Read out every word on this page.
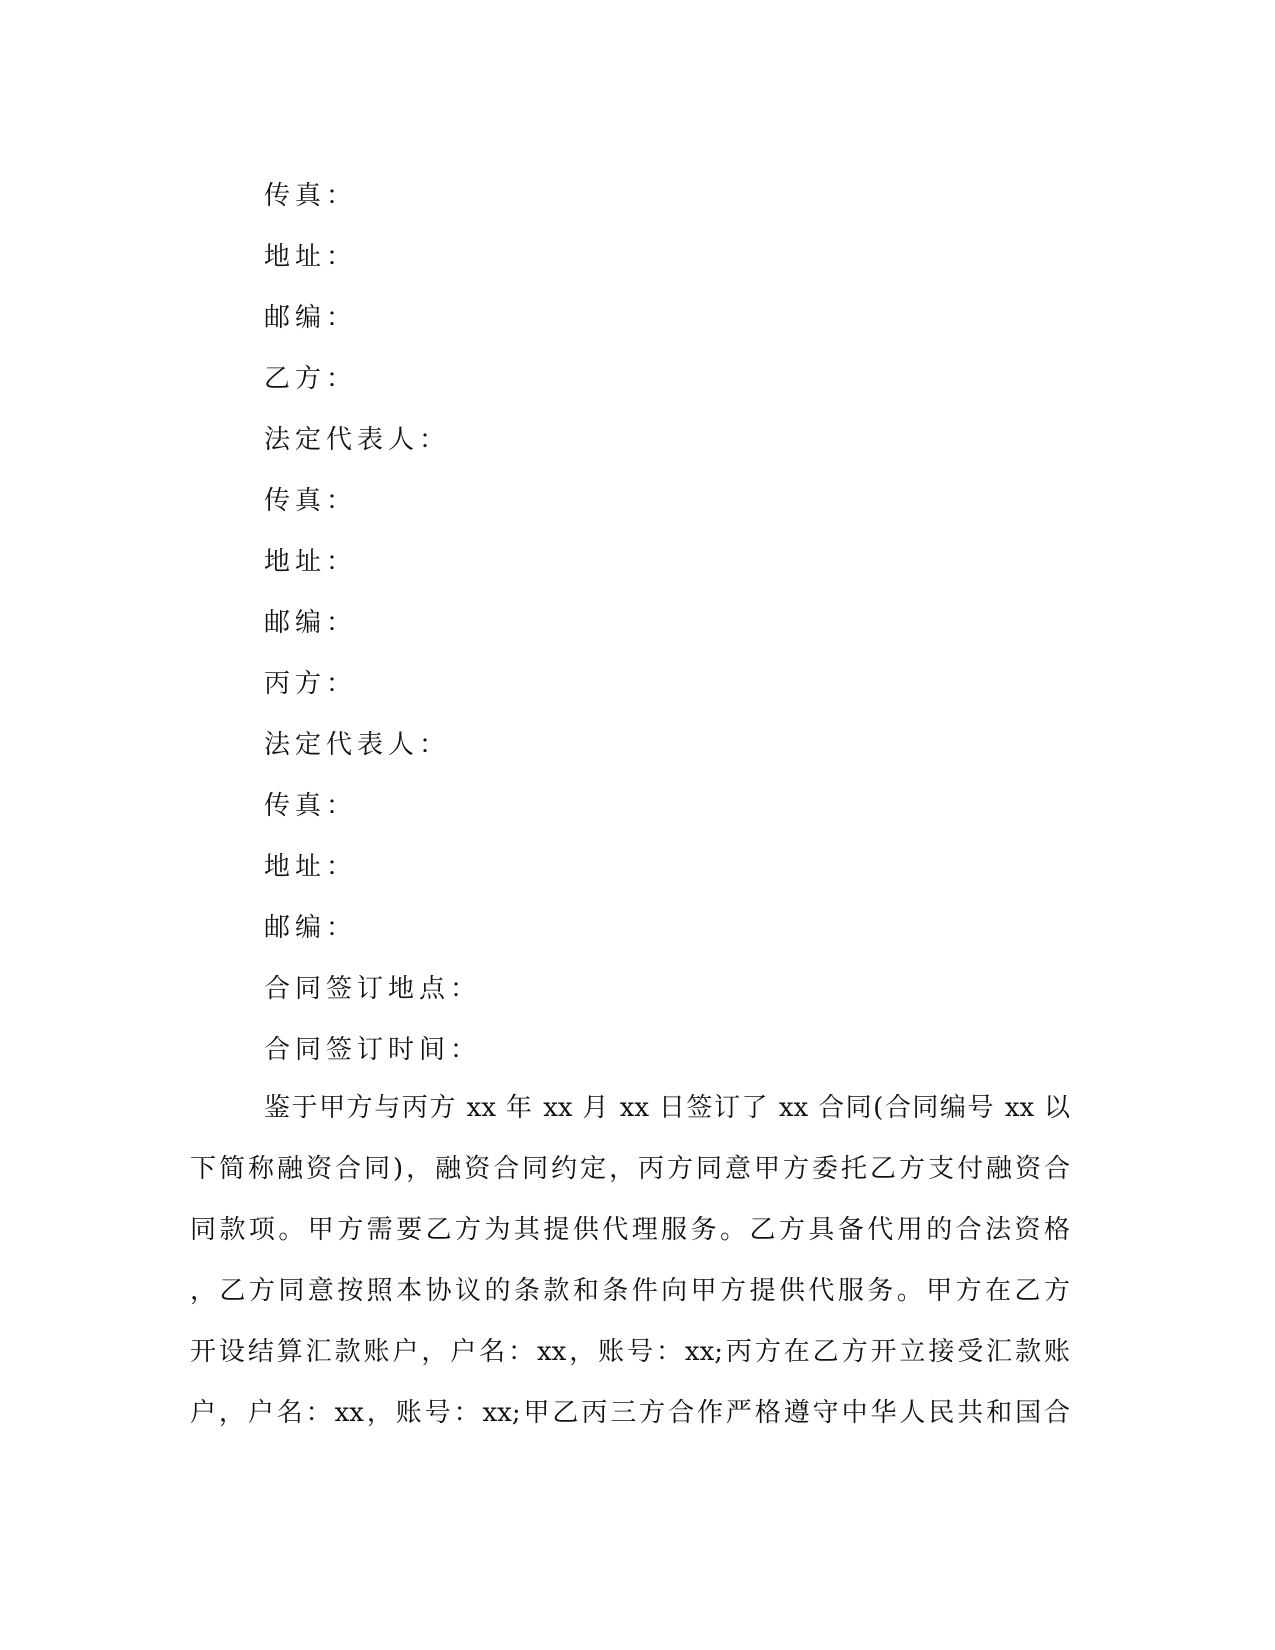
传真：
地址：
邮编：
乙方：
法定代表人：
传真：
地址：
邮编：
丙方：
法定代表人：
传真：
地址：
邮编：
合同签订地点：
合同签订时间：
鉴于甲方与丙方 xx 年 xx 月 xx 日签订了 xx 合同(合同编号 xx 以
下简称融资合同)，融资合同约定，丙方同意甲方委托乙方支付融资合
同款项。甲方需要乙方为其提供代理服务。乙方具备代用的合法资格
，乙方同意按照本协议的条款和条件向甲方提供代服务。甲方在乙方
开设结算汇款账户，户名：xx，账号：xx;丙方在乙方开立接受汇款账
户，户名：xx，账号：xx;甲乙丙三方合作严格遵守中华人民共和国合
